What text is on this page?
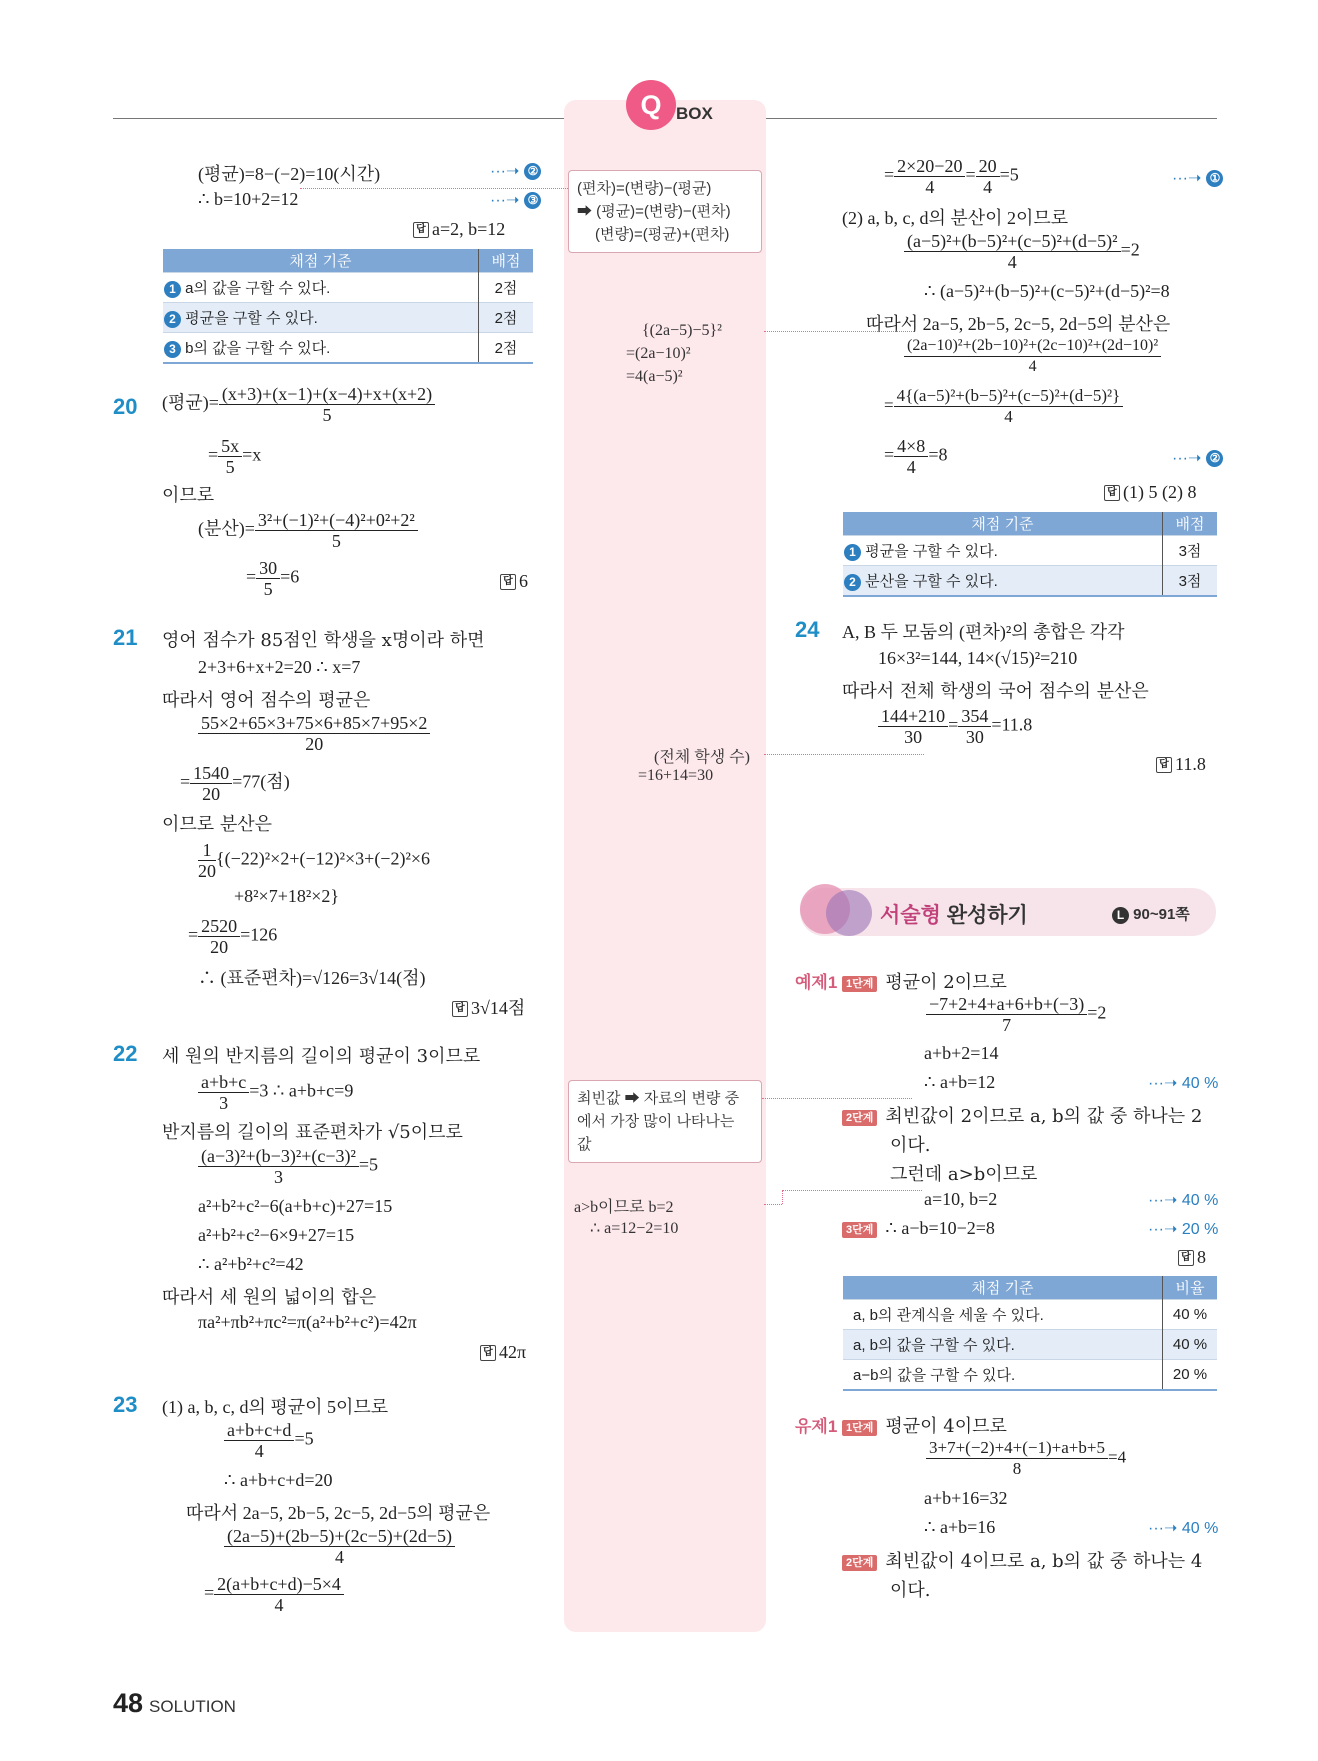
Q BOX
(평균)=8−(−2)=10(시간)	···➝ ②
∴ b=10+2=12	···➝ ③
답 a=2, b=12
채점 기준	배점
1 a의 값을 구할 수 있다.	2점
2 평균을 구할 수 있다.	2점
3 b의 값을 구할 수 있다.	2점
20 (평균)= $\frac{(x+3)+(x-1)+(x-4)+x+(x+2)}{5}$
= $\frac{5x}{5} =x$
이므로
(분산)= $\frac{\text{3²+(−1)²+(−4)²+0²+2²}}{5}$
= $\frac{30}{5} =6$	답 6
21 영어 점수가 85점인 학생을 x명이라 하면
2+3+6+x+2=20 ∴ x=7
따라서 영어 점수의 평균은
$\frac{55\times 2+65\times 3+75\times 6+85\times 7+95\times 2}{20}$
= $\frac{1540}{20} =77$(점)
이므로 분산은
$\frac{1}{20} \{(-22)^2\times 2+(-12)^2\times 3+(-2)^2\times 6$
+8²×7+18²×2}
= $\frac{2520}{20} =126$
∴ (표준편차)=√126=3√14(점)
답 3√14점
22 세 원의 반지름의 길이의 평균이 3이므로
$\frac{a+b+c}{3} =3$ ∴ a+b+c=9
반지름의 길이의 표준편차가 √5이므로
$\frac{\text{(a−3)²+(b−3)²+(c−3)²}}{3} =5$
a²+b²+c²−6(a+b+c)+27=15
a²+b²+c²−6×9+27=15
∴ a²+b²+c²=42
따라서 세 원의 넓이의 합은
πa²+πb²+πc²=π(a²+b²+c²)=42π
답 42π
23 (1) a, b, c, d의 평균이 5이므로
$\frac{a+b+c+d}{4} =5$
∴ a+b+c+d=20
따라서 2a−5, 2b−5, 2c−5, 2d−5의 평균은
$\frac{(2a-5)+(2b-5)+(2c-5)+(2d-5)}{4}$
= $\frac{2(a+b+c+d)-5\times 4}{4}$
(편차)=(변량)−(평균)
➡ (평균)=(변량)−(편차)
(변량)=(평균)+(편차)
{(2a−5)−5}²
=(2a−10)²
=4(a−5)²
(전체 학생 수)
=16+14=30
최빈값 ➡ 자료의 변량 중
에서 가장 많이 나타나는
값
a>b이므로 b=2
∴ a=12−2=10
= $\frac{2\times 20-20}{4} = \frac{20}{4} =5$	···➝ ①
(2) a, b, c, d의 분산이 2이므로
$\frac{\text{(a−5)²+(b−5)²+(c−5)²+(d−5)²}}{4} =2$
∴ (a−5)²+(b−5)²+(c−5)²+(d−5)²=8
따라서 2a−5, 2b−5, 2c−5, 2d−5의 분산은
$\frac{\text{(2a−10)²+(2b−10)²+(2c−10)²+(2d−10)²}}{4}$
= $\frac{\text{4\{(a−5)²+(b−5)²+(c−5)²+(d−5)²\}}}{4}$
= $\frac{4\times 8}{4} =8$	···➝ ②
답 (1) 5 (2) 8
채점 기준	배점
1 평균을 구할 수 있다.	3점
2 분산을 구할 수 있다.	3점
24 A, B 두 모둠의 (편차)²의 총합은 각각
16×3²=144, 14×(√15)²=210
따라서 전체 학생의 국어 점수의 분산은
$\frac{144+210}{30} = \frac{354}{30} =11.8$
답 11.8
서술형 완성하기	L 90~91쪽
예제1 1단계 평균이 2이므로
$\frac{-7+2+4+a+6+b+(-3)}{7} =2$
a+b+2=14
∴ a+b=12	···➝ 40 %
2단계 최빈값이 2이므로 a, b의 값 중 하나는 2
이다.
그런데 a>b이므로
a=10, b=2	···➝ 40 %
3단계 ∴ a−b=10−2=8	···➝ 20 %
답 8
채점 기준	비율
a, b의 관계식을 세울 수 있다.	40 %
a, b의 값을 구할 수 있다.	40 %
a−b의 값을 구할 수 있다.	20 %
유제1 1단계 평균이 4이므로
$\frac{3+7+(-2)+4+(-1)+a+b+5}{8} =4$
a+b+16=32
∴ a+b=16	···➝ 40 %
2단계 최빈값이 4이므로 a, b의 값 중 하나는 4
이다.
48 SOLUTION
